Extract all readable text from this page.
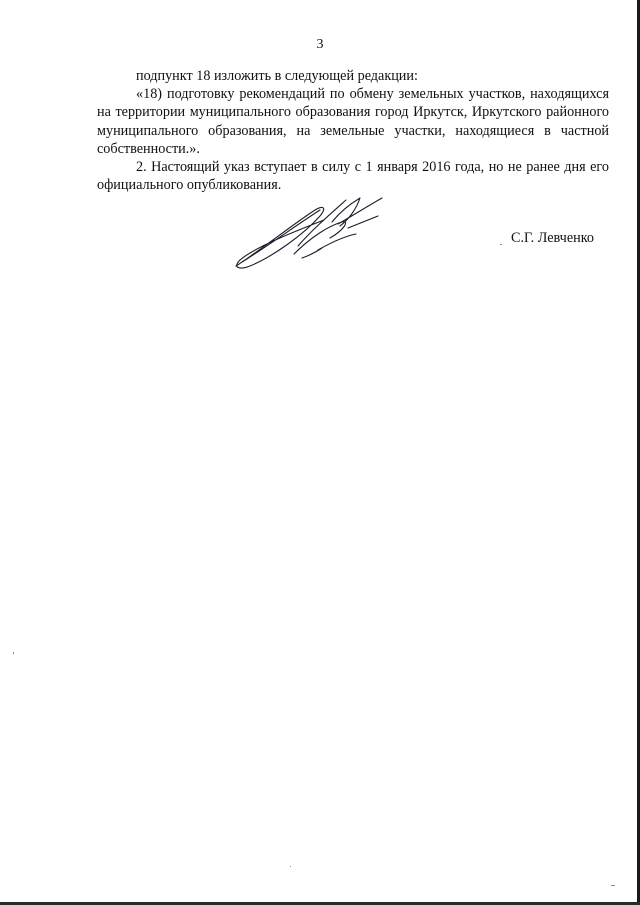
3

подпункт 18 изложить в следующей редакции:

«18) подготовку рекомендаций по обмену земельных участков, находящихся на территории муниципального образования город Иркутск, Иркутского районного муниципального образования, на земельные участки, находящиеся в частной собственности.».

2. Настоящий указ вступает в силу с 1 января 2016 года, но не ранее дня его официального опубликования.

С.Г. Левченко
